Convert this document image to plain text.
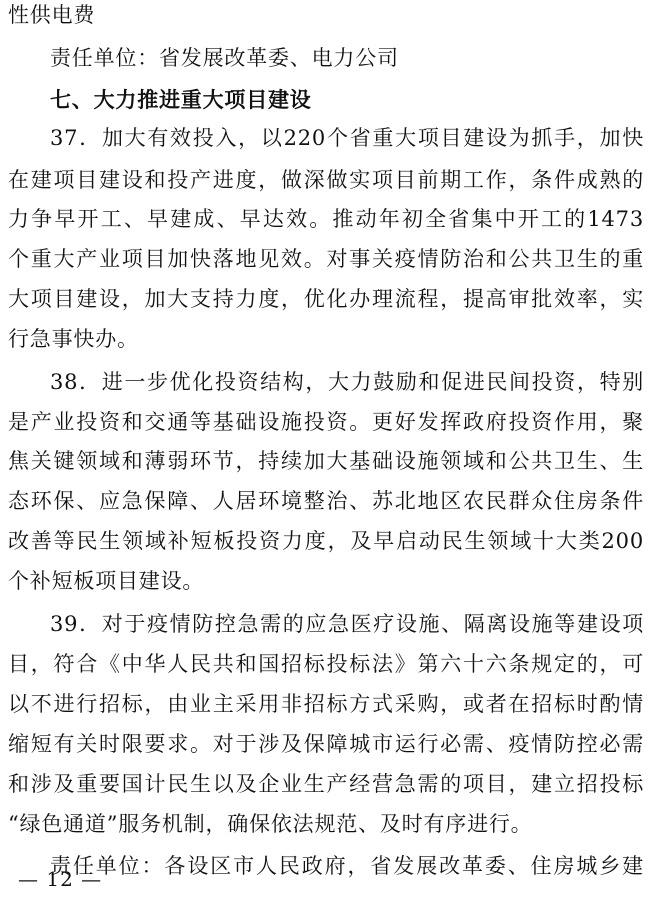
性供电费
责任单位：省发展改革委、电力公司
七、大力推进重大项目建设
37．加大有效投入，以220个省重大项目建设为抓手，加快
在建项目建设和投产进度，做深做实项目前期工作，条件成熟的
力争早开工、早建成、早达效。推动年初全省集中开工的1473
个重大产业项目加快落地见效。对事关疫情防治和公共卫生的重
大项目建设，加大支持力度，优化办理流程，提高审批效率，实
行急事快办。
38．进一步优化投资结构，大力鼓励和促进民间投资，特别
是产业投资和交通等基础设施投资。更好发挥政府投资作用，聚
焦关键领域和薄弱环节，持续加大基础设施领域和公共卫生、生
态环保、应急保障、人居环境整治、苏北地区农民群众住房条件
改善等民生领域补短板投资力度，及早启动民生领域十大类200
个补短板项目建设。
39．对于疫情防控急需的应急医疗设施、隔离设施等建设项
目，符合《中华人民共和国招标投标法》第六十六条规定的，可
以不进行招标，由业主采用非招标方式采购，或者在招标时酌情
缩短有关时限要求。对于涉及保障城市运行必需、疫情防控必需
和涉及重要国计民生以及企业生产经营急需的项目，建立招投标
“绿色通道”服务机制，确保依法规范、及时有序进行。
责任单位：各设区市人民政府，省发展改革委、住房城乡建
— 12 —
